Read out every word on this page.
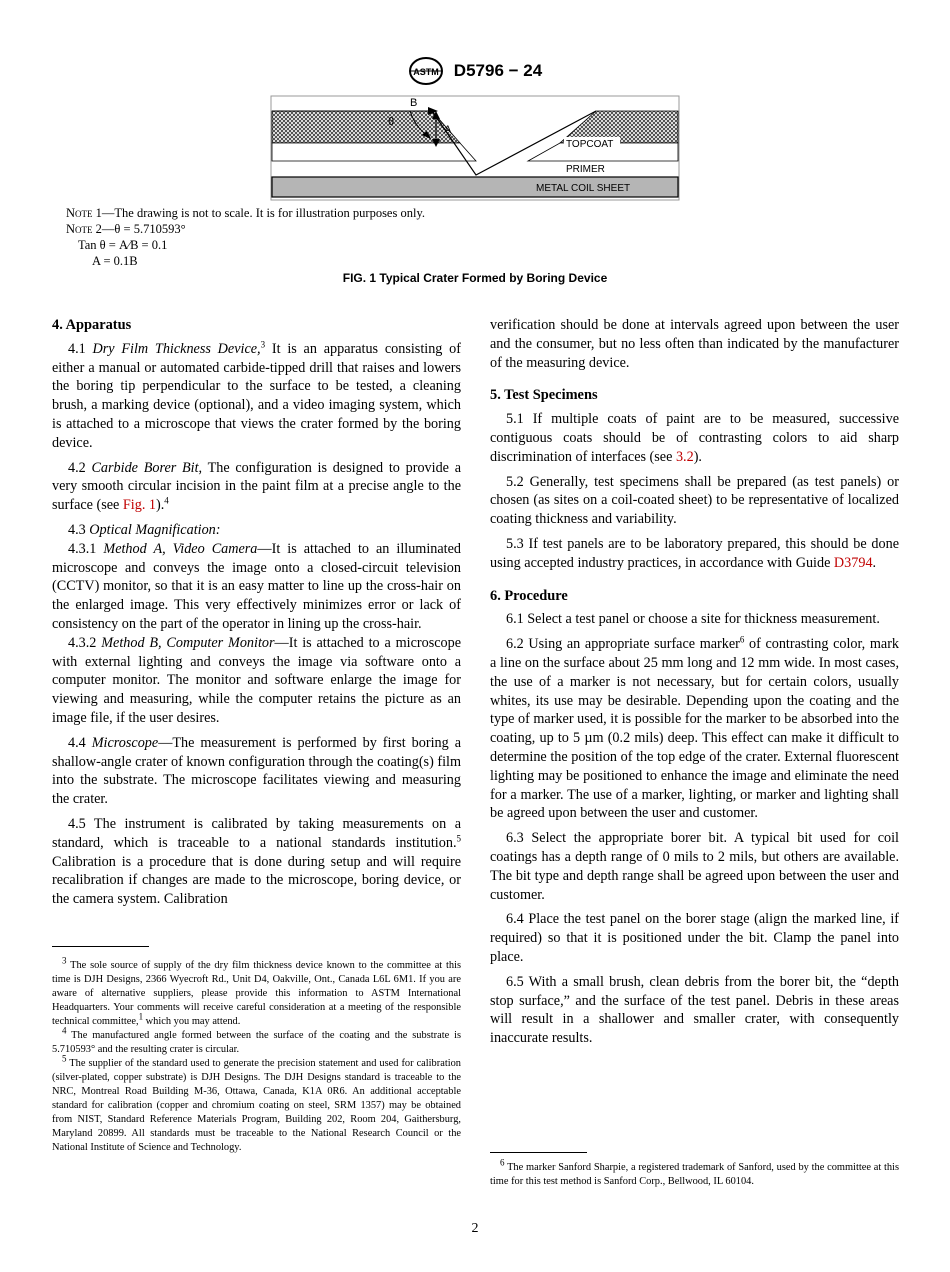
ASTM D5796 − 24
B
A
θ
TOPCOAT
PRIMER
METAL COIL SHEET
Note 1—The drawing is not to scale. It is for illustration purposes only.
Note 2—θ = 5.710593°
Tan θ = A⁄B = 0.1
A = 0.1B
FIG. 1 Typical Crater Formed by Boring Device
4. Apparatus

4.1 Dry Film Thickness Device,$^3$ It is an apparatus consisting of either a manual or automated carbide-tipped drill that raises and lowers the boring tip perpendicular to the surface to be tested, a cleaning brush, a marking device (optional), and a video imaging system, which is attached to a microscope that views the crater formed by the boring device.

4.2 Carbide Borer Bit, The configuration is designed to provide a very smooth circular incision in the paint film at a precise angle to the surface (see Fig. 1).$^4$

4.3 Optical Magnification:

4.3.1 Method A, Video Camera—It is attached to an illuminated microscope and conveys the image onto a closed-circuit television (CCTV) monitor, so that it is an easy matter to line up the cross-hair on the enlarged image. This very effectively minimizes error or lack of consistency on the part of the operator in lining up the cross-hair.

4.3.2 Method B, Computer Monitor—It is attached to a microscope with external lighting and conveys the image via software onto a computer monitor. The monitor and software enlarge the image for viewing and measuring, while the computer retains the picture as an image file, if the user desires.

4.4 Microscope—The measurement is performed by first boring a shallow-angle crater of known configuration through the coating(s) film into the substrate. The microscope facilitates viewing and measuring the crater.

4.5 The instrument is calibrated by taking measurements on a standard, which is traceable to a national standards institution.$^5$ Calibration is a procedure that is done during setup and will require recalibration if changes are made to the microscope, boring device, or the camera system. Calibration

$^3$ The sole source of supply of the dry film thickness device known to the committee at this time is DJH Designs, 2366 Wyecroft Rd., Unit D4, Oakville, Ont., Canada L6L 6M1. If you are aware of alternative suppliers, please provide this information to ASTM International Headquarters. Your comments will receive careful consideration at a meeting of the responsible technical committee,$^1$ which you may attend.

$^4$ The manufactured angle formed between the surface of the coating and the substrate is 5.710593° and the resulting crater is circular.

$^5$ The supplier of the standard used to generate the precision statement and used for calibration (silver-plated, copper substrate) is DJH Designs. The DJH Designs standard is traceable to the NRC, Montreal Road Building M-36, Ottawa, Canada, K1A 0R6. An additional acceptable standard for calibration (copper and chromium coating on steel, SRM 1357) may be obtained from NIST, Standard Reference Materials Program, Building 202, Room 204, Gaithersburg, Maryland 20899. All standards must be traceable to the National Research Council or the National Institute of Science and Technology.

verification should be done at intervals agreed upon between the user and the consumer, but no less often than indicated by the manufacturer of the measuring device.

5. Test Specimens

5.1 If multiple coats of paint are to be measured, successive contiguous coats should be of contrasting colors to aid sharp discrimination of interfaces (see 3.2).

5.2 Generally, test specimens shall be prepared (as test panels) or chosen (as sites on a coil-coated sheet) to be representative of localized coating thickness and variability.

5.3 If test panels are to be laboratory prepared, this should be done using accepted industry practices, in accordance with Guide D3794.

6. Procedure

6.1 Select a test panel or choose a site for thickness measurement.

6.2 Using an appropriate surface marker$^6$ of contrasting color, mark a line on the surface about 25 mm long and 12 mm wide. In most cases, the use of a marker is not necessary, but for certain colors, usually whites, its use may be desirable. Depending upon the coating and the type of marker used, it is possible for the marker to be absorbed into the coating, up to 5 µm (0.2 mils) deep. This effect can make it difficult to determine the position of the top edge of the crater. External fluorescent lighting may be positioned to enhance the image and eliminate the need for a marker. The use of a marker, lighting, or marker and lighting shall be agreed upon between the user and customer.

6.3 Select the appropriate borer bit. A typical bit used for coil coatings has a depth range of 0 mils to 2 mils, but others are available. The bit type and depth range shall be agreed upon between the user and customer.

6.4 Place the test panel on the borer stage (align the marked line, if required) so that it is positioned under the bit. Clamp the panel into place.

6.5 With a small brush, clean debris from the borer bit, the “depth stop surface,” and the surface of the test panel. Debris in these areas will result in a shallower and smaller crater, with consequently inaccurate results.

$^6$ The marker Sanford Sharpie, a registered trademark of Sanford, used by the committee at this time for this test method is Sanford Corp., Bellwood, IL 60104.

2
